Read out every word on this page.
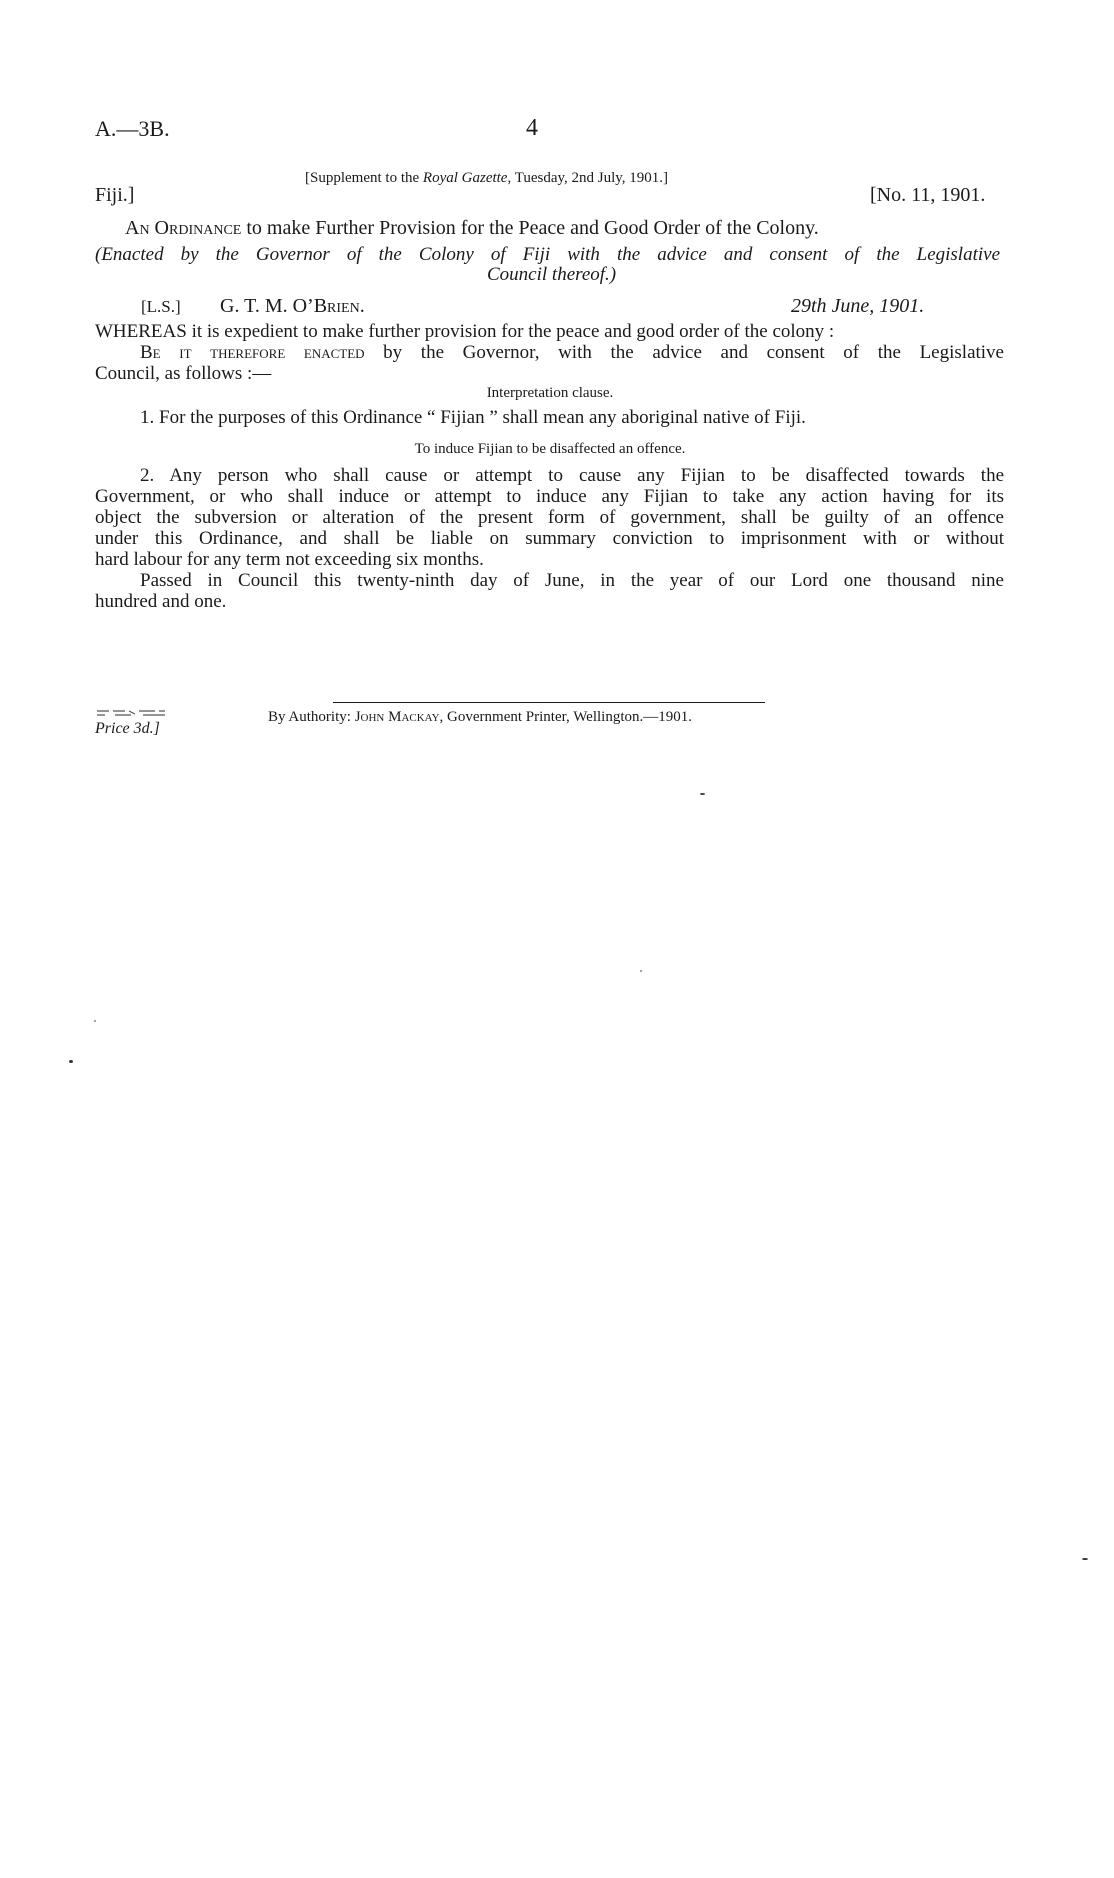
A.—3B.	4
[Supplement to the Royal Gazette, Tuesday, 2nd July, 1901.]
Fiji.]	[No. 11, 1901.
An Ordinance to make Further Provision for the Peace and Good Order of the Colony.
(Enacted by the Governor of the Colony of Fiji with the advice and consent of the Legislative
Council thereof.)
[L.S.] G. T. M. O’Brien.	29th June, 1901.
WHEREAS it is expedient to make further provision for the peace and good order of the colony :
Be it therefore enacted by the Governor, with the advice and consent of the Legislative
Council, as follows :—
Interpretation clause.
1. For the purposes of this Ordinance “ Fijian ” shall mean any aboriginal native of Fiji.
To induce Fijian to be disaffected an offence.
2. Any person who shall cause or attempt to cause any Fijian to be disaffected towards the
Government, or who shall induce or attempt to induce any Fijian to take any action having for its
object the subversion or alteration of the present form of government, shall be guilty of an offence
under this Ordinance, and shall be liable on summary conviction to imprisonment with or without
hard labour for any term not exceeding six months.
Passed in Council this twenty-ninth day of June, in the year of our Lord one thousand nine
hundred and one.
Price 3d.]
By Authority: John Mackay, Government Printer, Wellington.—1901.
